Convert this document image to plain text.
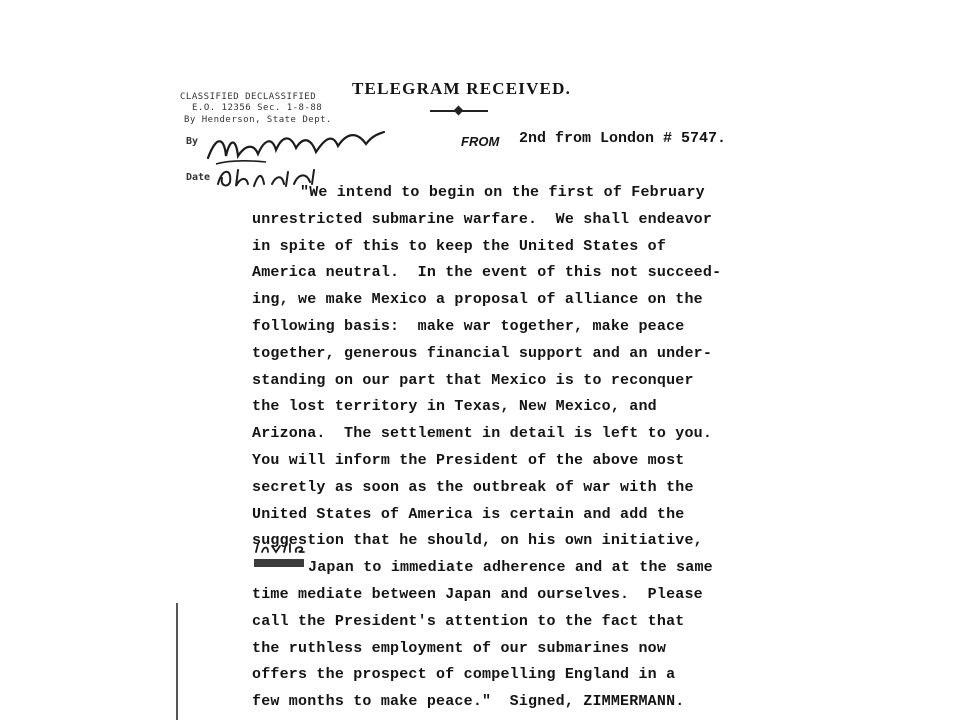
CLASSIFIED DECLASSIFIED
E.O. 12356 Sec. 1-8-88
By Henderson, State Dept.
By
Date
TELEGRAM RECEIVED.
FROM 2nd from London # 5747.
"We intend to begin on the first of February
unrestricted submarine warfare.  We shall endeavor
in spite of this to keep the United States of
America neutral.  In the event of this not succeed-
ing, we make Mexico a proposal of alliance on the
following basis:  make war together, make peace
together, generous financial support and an under-
standing on our part that Mexico is to reconquer
the lost territory in Texas, New Mexico, and
Arizona.  The settlement in detail is left to you.
You will inform the President of the above most
secretly as soon as the outbreak of war with the
United States of America is certain and add the
suggestion that he should, on his own initiative,
Japan to immediate adherence and at the same
time mediate between Japan and ourselves.  Please
call the President's attention to the fact that
the ruthless employment of our submarines now
offers the prospect of compelling England in a
few months to make peace."  Signed, ZIMMERMANN.
